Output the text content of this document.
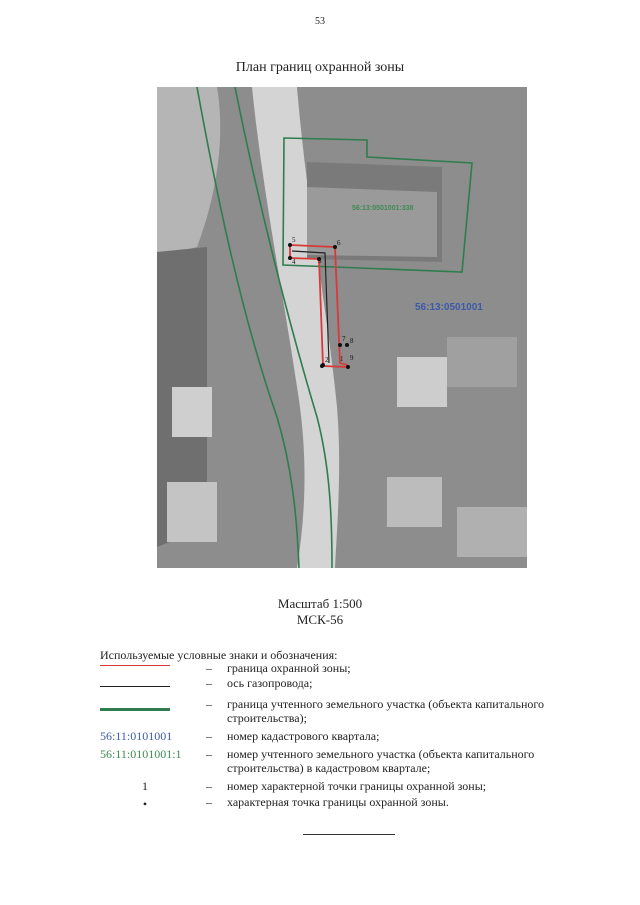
53
План границ охранной зоны
56:13:0501001:338
56:13:0501001
1
2
3
4
5	6
7 8
9
Масштаб 1:500
МСК-56
Используемые условные знаки и обозначения:
– граница охранной зоны;
– ось газопровода;
– граница учтенного земельного участка (объекта капитального строительства);
56:11:0101001	– номер кадастрового квартала;
56:11:0101001:1	– номер учтенного земельного участка (объекта капитального строительства) в кадастровом квартале;
1	– номер характерной точки границы охранной зоны;
•	– характерная точка границы охранной зоны.
